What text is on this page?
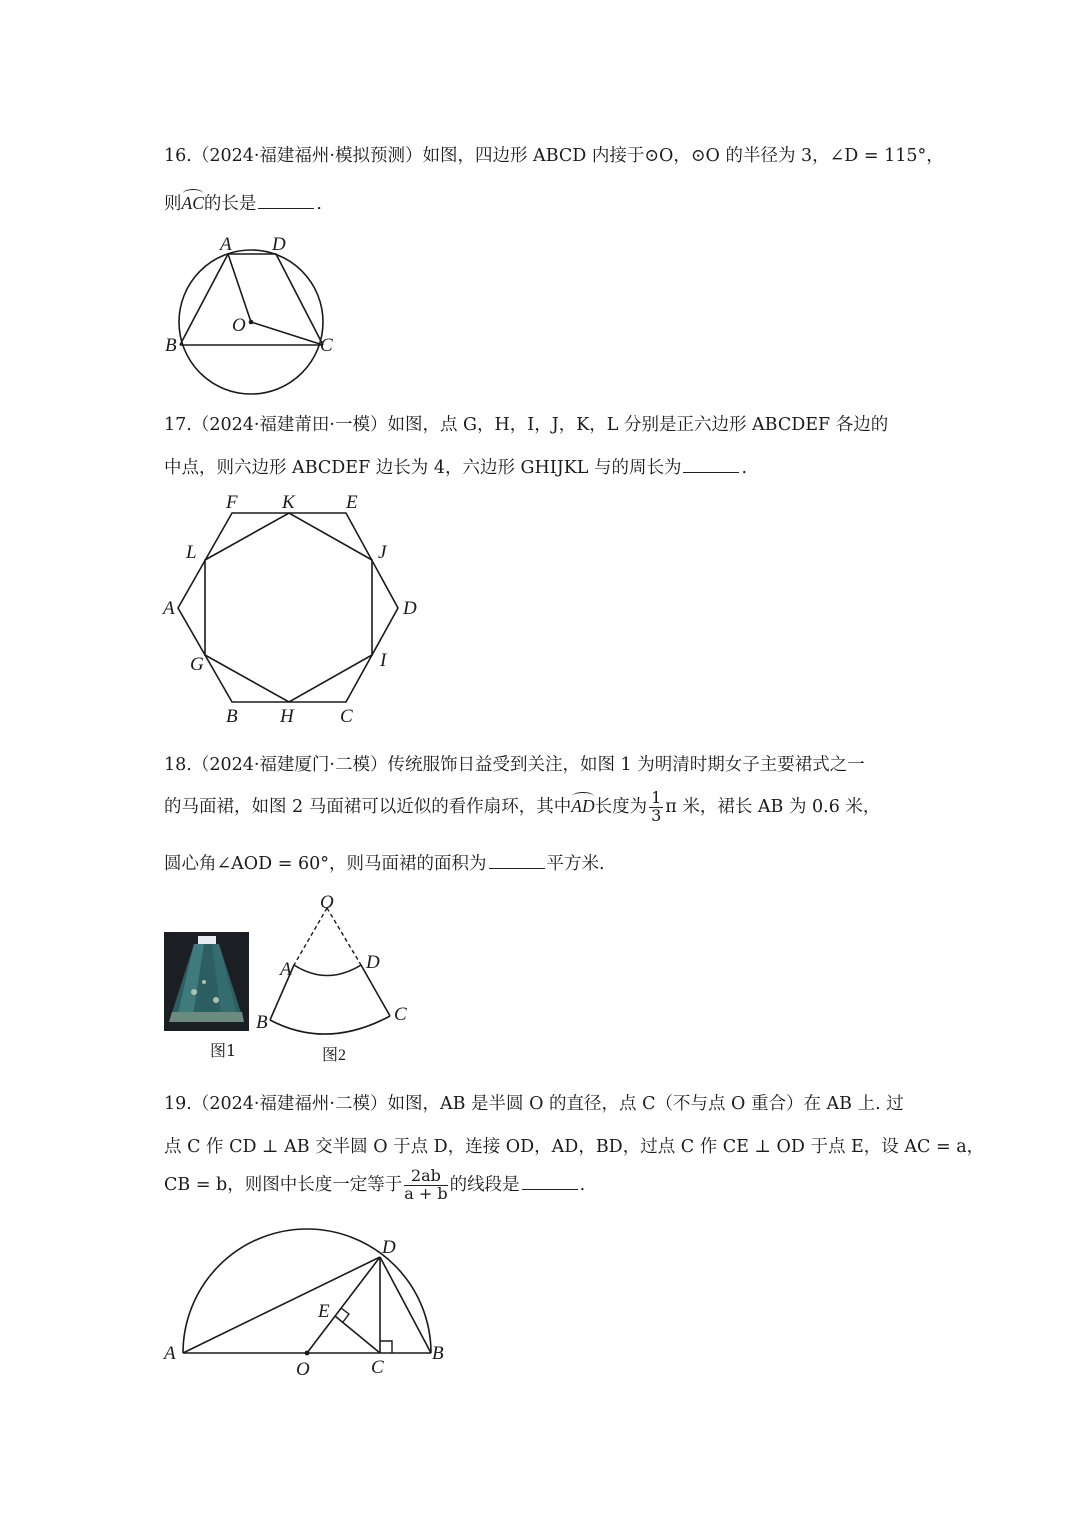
16.（2024·福建福州·模拟预测）如图，四边形 ABCD 内接于⊙O，⊙O 的半径为 3，∠D = 115°，
则AC的长是	.
A D
O
B	C
17.（2024·福建莆田·一模）如图，点 G，H，I，J，K，L 分别是正六边形 ABCDEF 各边的
中点，则六边形 ABCDEF 边长为 4，六边形 GHIJKL 与的周长为	.
F K	E
L	J
A	D
G	I
B H C
18.（2024·福建厦门·二模）传统服饰日益受到关注，如图 1 为明清时期女子主要裙式之一
的马面裙，如图 2 马面裙可以近似的看作扇环，其中AD长度为 $\frac{1}{3}$ π 米，裙长 AB 为 0.6 米，
圆心角∠AOD = 60°，则马面裙的面积为	平方米.
图1
O
A	D
B	C
图2
19.（2024·福建福州·二模）如图，AB 是半圆 O 的直径，点 C（不与点 O 重合）在 AB 上. 过
点 C 作 CD ⊥ AB 交半圆 O 于点 D，连接 OD，AD，BD，过点 C 作 CE ⊥ OD 于点 E，设 AC = a，
CB = b，则图中长度一定等于 $\frac{2ab}{a + b}$ 的线段是	.
D
E
A
O	C
B
